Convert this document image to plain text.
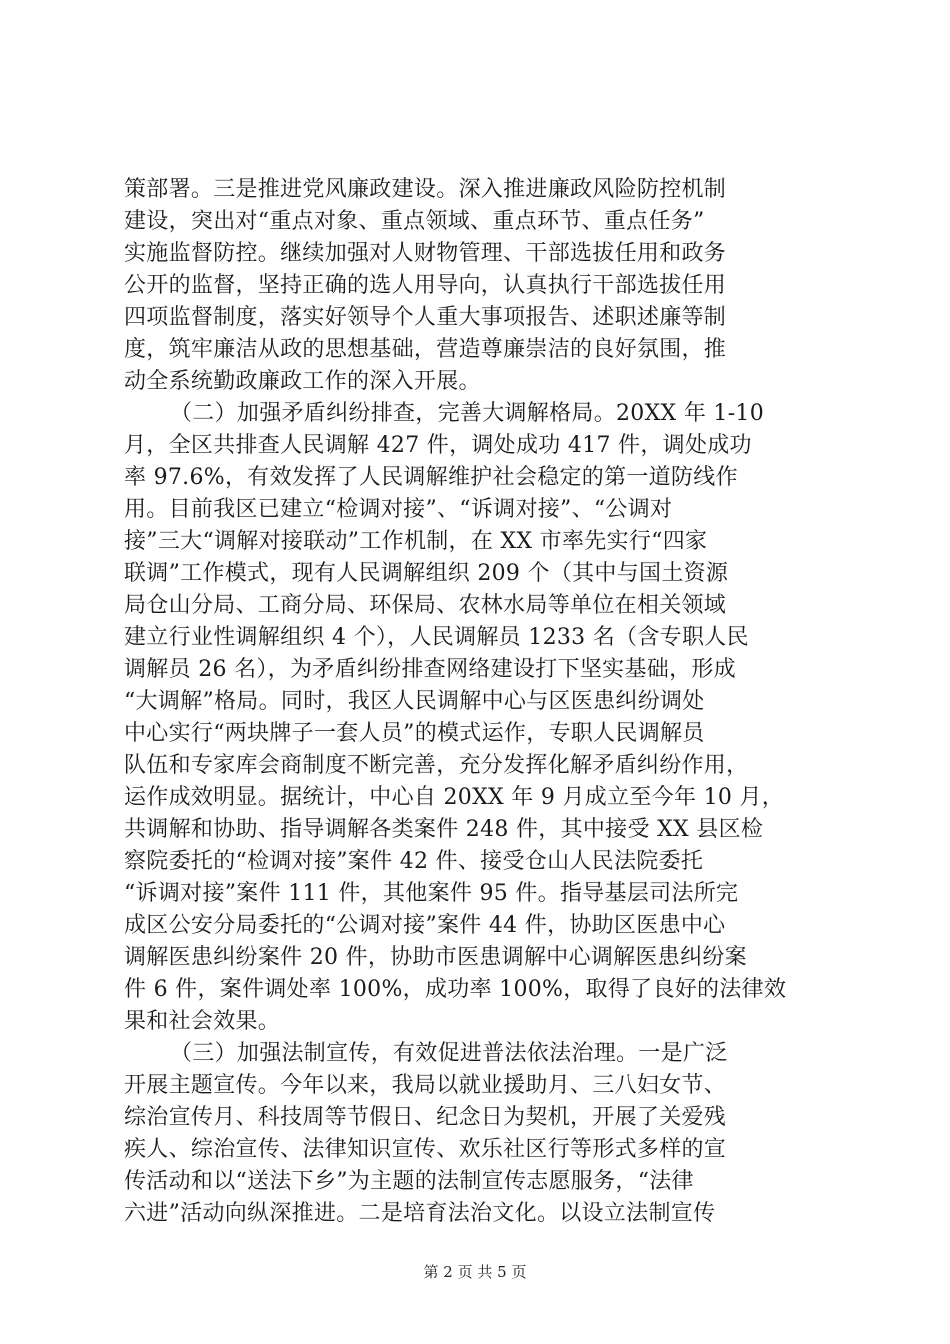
策部署。三是推进党风廉政建设。深入推进廉政风险防控机制
建设，突出对“重点对象、重点领域、重点环节、重点任务”
实施监督防控。继续加强对人财物管理、干部选拔任用和政务
公开的监督，坚持正确的选人用导向，认真执行干部选拔任用
四项监督制度，落实好领导个人重大事项报告、述职述廉等制
度，筑牢廉洁从政的思想基础，营造尊廉崇洁的良好氛围，推
动全系统勤政廉政工作的深入开展。
（二）加强矛盾纠纷排查，完善大调解格局。20XX 年 1-10
月，全区共排查人民调解 427 件，调处成功 417 件，调处成功
率 97.6%，有效发挥了人民调解维护社会稳定的第一道防线作
用。目前我区已建立“检调对接”、“诉调对接”、“公调对
接”三大“调解对接联动”工作机制，在 XX 市率先实行“四家
联调”工作模式，现有人民调解组织 209 个（其中与国土资源
局仓山分局、工商分局、环保局、农林水局等单位在相关领域
建立行业性调解组织 4 个），人民调解员 1233 名（含专职人民
调解员 26 名），为矛盾纠纷排查网络建设打下坚实基础，形成
“大调解”格局。同时，我区人民调解中心与区医患纠纷调处
中心实行“两块牌子一套人员”的模式运作，专职人民调解员
队伍和专家库会商制度不断完善，充分发挥化解矛盾纠纷作用，
运作成效明显。据统计，中心自 20XX 年 9 月成立至今年 10 月，
共调解和协助、指导调解各类案件 248 件，其中接受 XX 县区检
察院委托的“检调对接”案件 42 件、接受仓山人民法院委托
“诉调对接”案件 111 件，其他案件 95 件。指导基层司法所完
成区公安分局委托的“公调对接”案件 44 件，协助区医患中心
调解医患纠纷案件 20 件，协助市医患调解中心调解医患纠纷案
件 6 件，案件调处率 100%，成功率 100%，取得了良好的法律效
果和社会效果。
（三）加强法制宣传，有效促进普法依法治理。一是广泛
开展主题宣传。今年以来，我局以就业援助月、三八妇女节、
综治宣传月、科技周等节假日、纪念日为契机，开展了关爱残
疾人、综治宣传、法律知识宣传、欢乐社区行等形式多样的宣
传活动和以“送法下乡”为主题的法制宣传志愿服务，“法律
六进”活动向纵深推进。二是培育法治文化。以设立法制宣传
第 2 页 共 5 页
